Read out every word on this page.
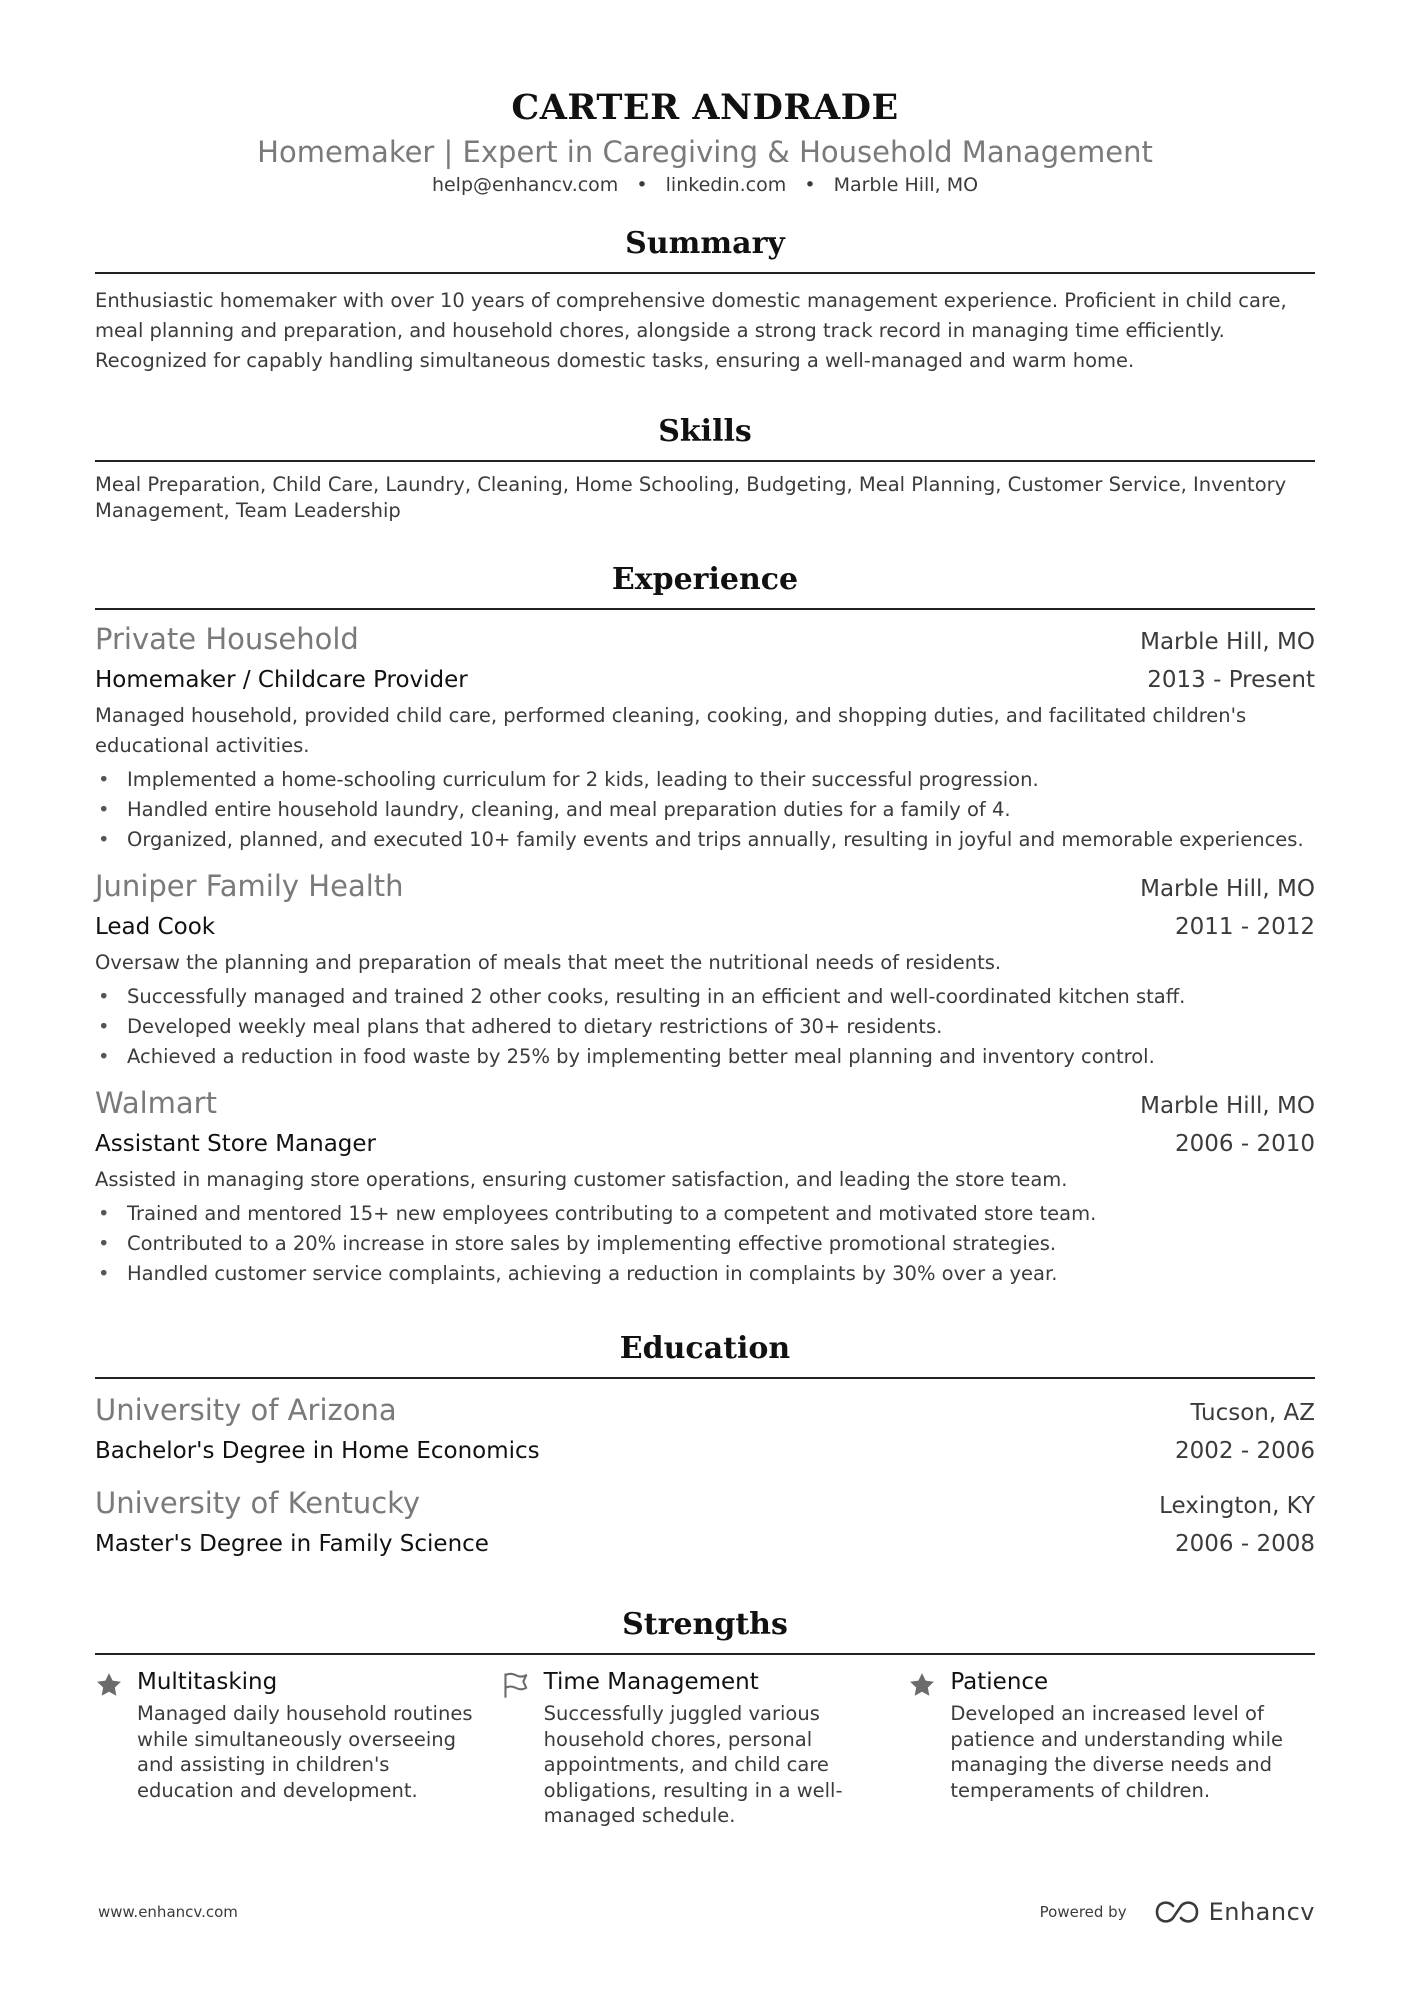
CARTER ANDRADE
Homemaker | Expert in Caregiving & Household Management
help@enhancv.com • linkedin.com • Marble Hill, MO
Summary
Enthusiastic homemaker with over 10 years of comprehensive domestic management experience. Proficient in child care, meal planning and preparation, and household chores, alongside a strong track record in managing time efficiently. Recognized for capably handling simultaneous domestic tasks, ensuring a well-managed and warm home.
Skills
Meal Preparation, Child Care, Laundry, Cleaning, Home Schooling, Budgeting, Meal Planning, Customer Service, Inventory Management, Team Leadership
Experience
Private Household	Marble Hill, MO
Homemaker / Childcare Provider	2013 - Present
Managed household, provided child care, performed cleaning, cooking, and shopping duties, and facilitated children's educational activities.
• Implemented a home-schooling curriculum for 2 kids, leading to their successful progression.
• Handled entire household laundry, cleaning, and meal preparation duties for a family of 4.
• Organized, planned, and executed 10+ family events and trips annually, resulting in joyful and memorable experiences.
Juniper Family Health	Marble Hill, MO
Lead Cook	2011 - 2012
Oversaw the planning and preparation of meals that meet the nutritional needs of residents.
• Successfully managed and trained 2 other cooks, resulting in an efficient and well-coordinated kitchen staff.
• Developed weekly meal plans that adhered to dietary restrictions of 30+ residents.
• Achieved a reduction in food waste by 25% by implementing better meal planning and inventory control.
Walmart	Marble Hill, MO
Assistant Store Manager	2006 - 2010
Assisted in managing store operations, ensuring customer satisfaction, and leading the store team.
• Trained and mentored 15+ new employees contributing to a competent and motivated store team.
• Contributed to a 20% increase in store sales by implementing effective promotional strategies.
• Handled customer service complaints, achieving a reduction in complaints by 30% over a year.
Education
University of Arizona	Tucson, AZ
Bachelor's Degree in Home Economics	2002 - 2006
University of Kentucky	Lexington, KY
Master's Degree in Family Science	2006 - 2008
Strengths
Multitasking
Managed daily household routines while simultaneously overseeing and assisting in children's education and development.
Time Management
Successfully juggled various household chores, personal appointments, and child care obligations, resulting in a well-managed schedule.
Patience
Developed an increased level of patience and understanding while managing the diverse needs and temperaments of children.
www.enhancv.com	Powered by	Enhancv
